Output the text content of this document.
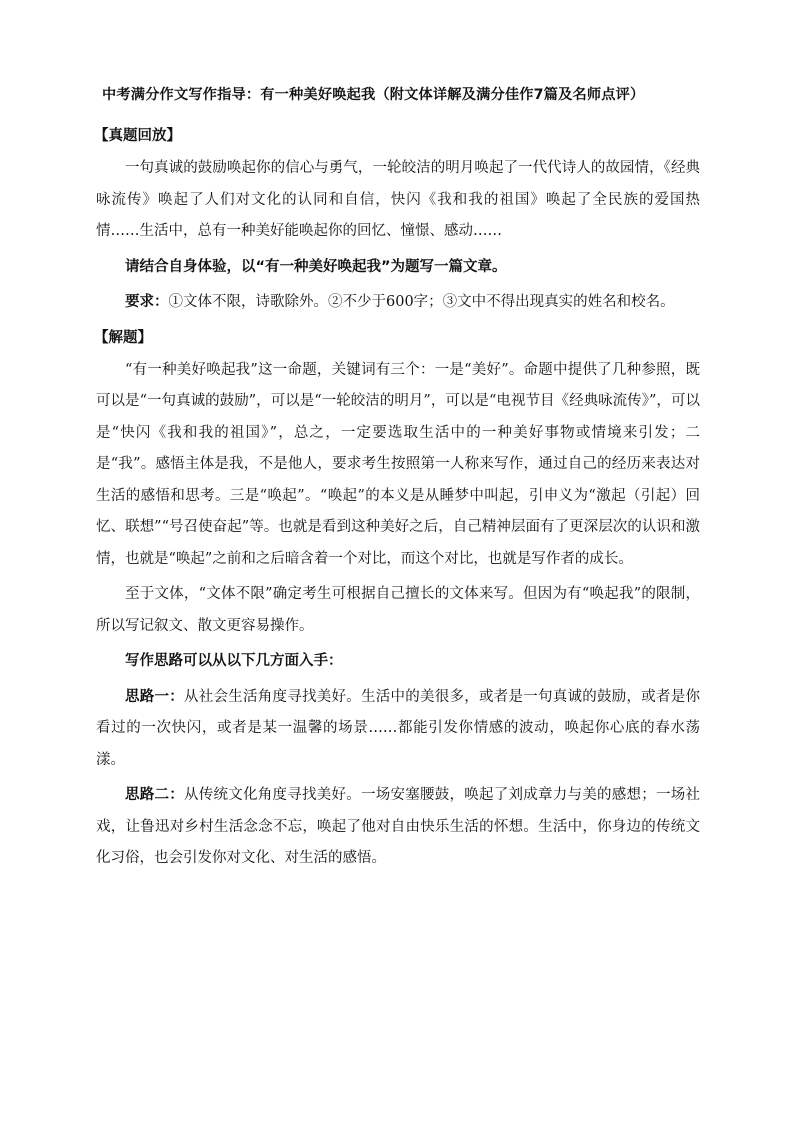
中考满分作文写作指导：有一种美好唤起我（附文体详解及满分佳作7篇及名师点评）
【真题回放】

一句真诚的鼓励唤起你的信心与勇气，一轮皎洁的明月唤起了一代代诗人的故园情，《经典咏流传》唤起了人们对文化的认同和自信，快闪《我和我的祖国》唤起了全民族的爱国热情……生活中，总有一种美好能唤起你的回忆、憧憬、感动……

请结合自身体验，以“有一种美好唤起我”为题写一篇文章。

要求：①文体不限，诗歌除外。②不少于600字；③文中不得出现真实的姓名和校名。

【解题】

“有一种美好唤起我”这一命题，关键词有三个：一是“美好”。命题中提供了几种参照，既可以是“一句真诚的鼓励”，可以是“一轮皎洁的明月”，可以是“电视节目《经典咏流传》”，可以是“快闪《我和我的祖国》”，总之，一定要选取生活中的一种美好事物或情境来引发；二是“我”。感悟主体是我，不是他人，要求考生按照第一人称来写作，通过自己的经历来表达对生活的感悟和思考。三是“唤起”。“唤起”的本义是从睡梦中叫起，引申义为“激起（引起）回忆、联想”“号召使奋起”等。也就是看到这种美好之后，自己精神层面有了更深层次的认识和激情，也就是“唤起”之前和之后暗含着一个对比，而这个对比，也就是写作者的成长。

至于文体，“文体不限”确定考生可根据自己擅长的文体来写。但因为有“唤起我”的限制，所以写记叙文、散文更容易操作。

写作思路可以从以下几方面入手：

思路一：从社会生活角度寻找美好。生活中的美很多，或者是一句真诚的鼓励，或者是你看过的一次快闪，或者是某一温馨的场景……都能引发你情感的波动，唤起你心底的春水荡漾。

思路二：从传统文化角度寻找美好。一场安塞腰鼓，唤起了刘成章力与美的感想；一场社戏，让鲁迅对乡村生活念念不忘，唤起了他对自由快乐生活的怀想。生活中，你身边的传统文化习俗，也会引发你对文化、对生活的感悟。
